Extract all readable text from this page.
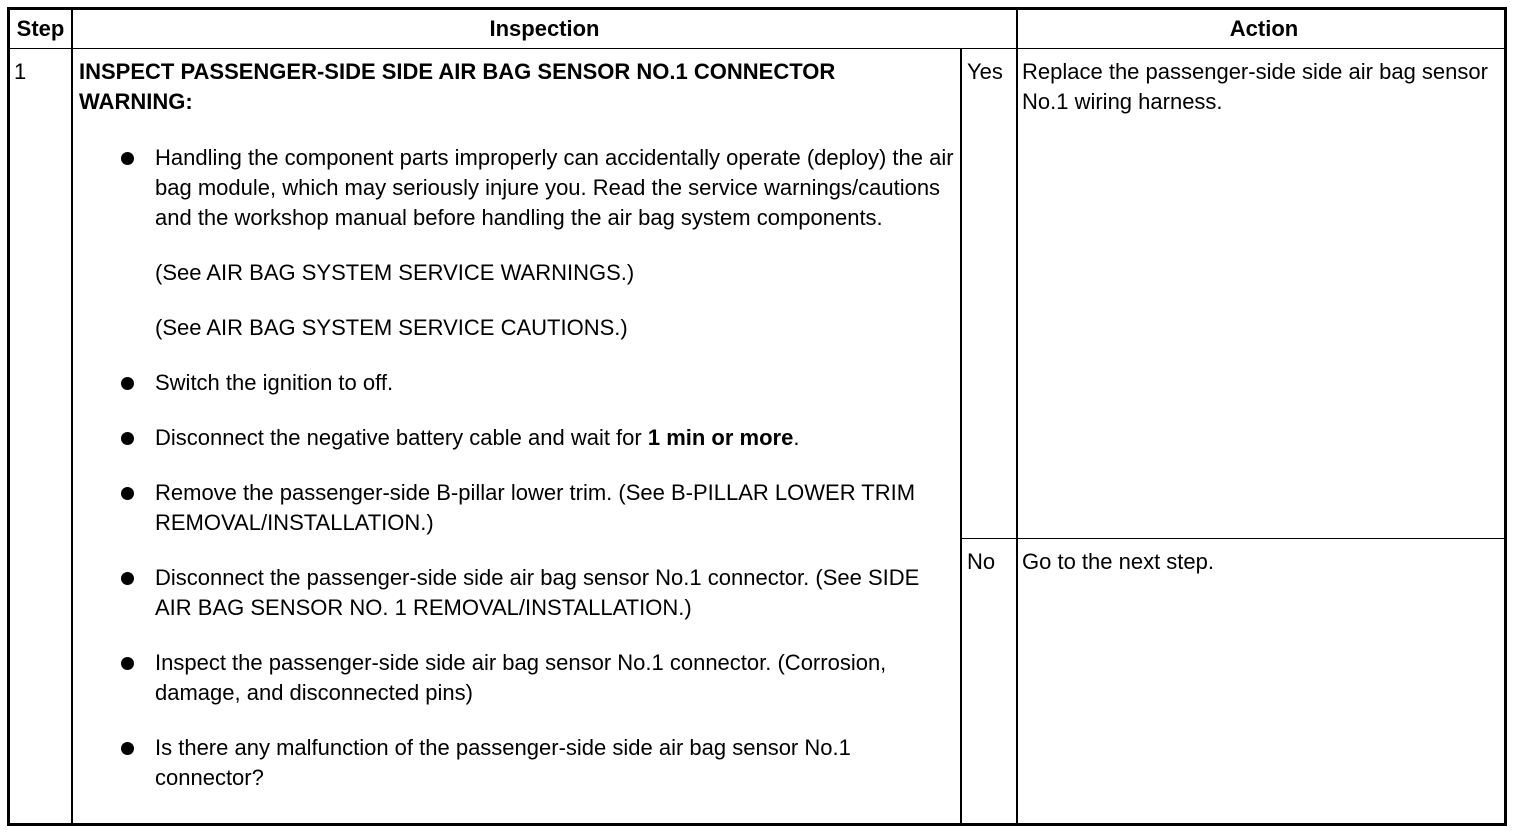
Step	Inspection	Action
1 INSPECT PASSENGER-SIDE SIDE AIR BAG SENSOR NO.1 CONNECTOR
WARNING:
Handling the component parts improperly can accidentally operate (deploy) the air bag module, which may seriously injure you. Read the service warnings/cautions and the workshop manual before handling the air bag system components.
(See AIR BAG SYSTEM SERVICE WARNINGS.)
(See AIR BAG SYSTEM SERVICE CAUTIONS.)
Switch the ignition to off.
Disconnect the negative battery cable and wait for 1 min or more.
Remove the passenger-side B-pillar lower trim. (See B-PILLAR LOWER TRIM REMOVAL/INSTALLATION.)
Disconnect the passenger-side side air bag sensor No.1 connector. (See SIDE AIR BAG SENSOR NO. 1 REMOVAL/INSTALLATION.)
Inspect the passenger-side side air bag sensor No.1 connector. (Corrosion, damage, and disconnected pins)
Is there any malfunction of the passenger-side side air bag sensor No.1 connector?
Yes Replace the passenger-side side air bag sensor No.1 wiring harness.
No Go to the next step.
